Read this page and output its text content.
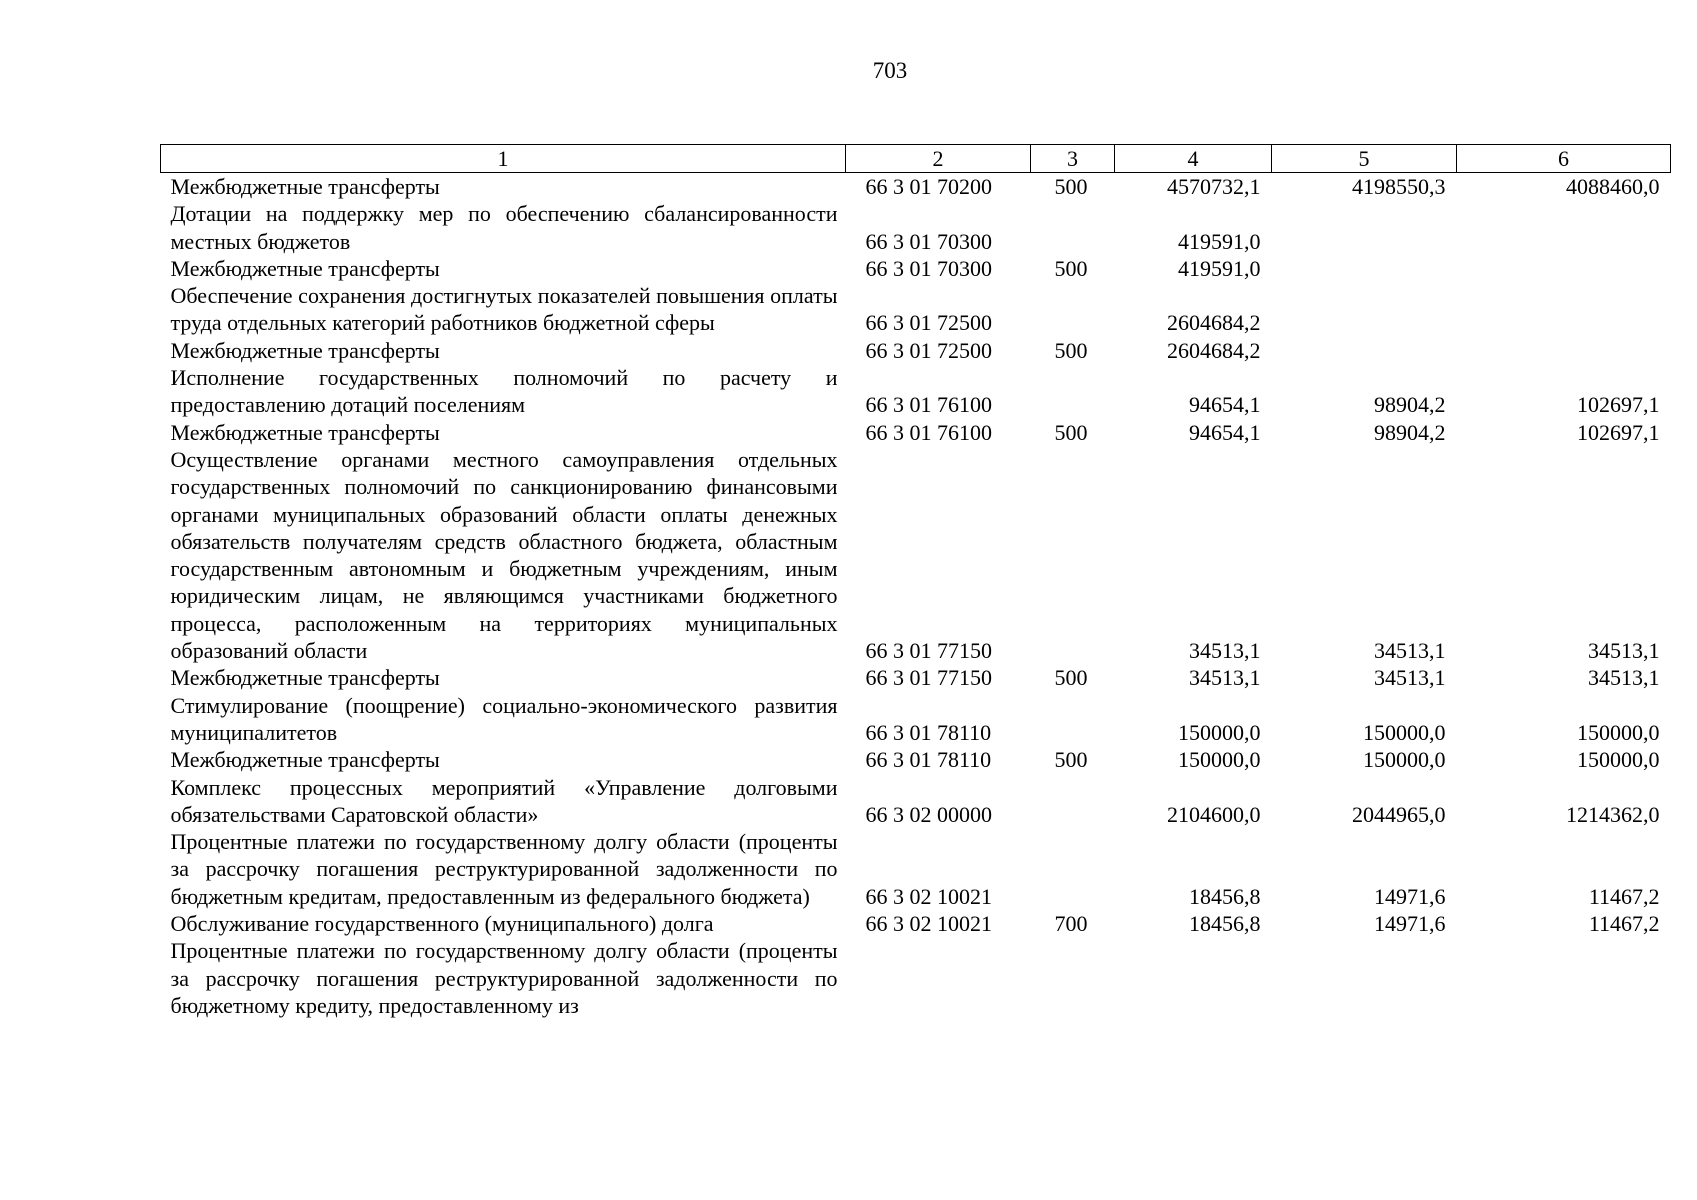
703
1	2	3	4	5	6
Межбюджетные трансферты	66 3 01 70200	500	4570732,1	4198550,3	4088460,0
Дотации на поддержку мер по обеспечению сбалансированности местных бюджетов	66 3 01 70300		419591,0		
Межбюджетные трансферты	66 3 01 70300	500	419591,0		
Обеспечение сохранения достигнутых показателей повышения оплаты труда отдельных категорий работников бюджетной сферы	66 3 01 72500		2604684,2		
Межбюджетные трансферты	66 3 01 72500	500	2604684,2		
Исполнение государственных полномочий по расчету и предоставлению дотаций поселениям	66 3 01 76100		94654,1	98904,2	102697,1
Межбюджетные трансферты	66 3 01 76100	500	94654,1	98904,2	102697,1
Осуществление органами местного самоуправления отдельных государственных полномочий по санкционированию финансовыми органами муниципальных образований области оплаты денежных обязательств получателям средств областного бюджета, областным государственным автономным и бюджетным учреждениям, иным юридическим лицам, не являющимся участниками бюджетного процесса, расположенным на территориях муниципальных образований области	66 3 01 77150		34513,1	34513,1	34513,1
Межбюджетные трансферты	66 3 01 77150	500	34513,1	34513,1	34513,1
Стимулирование (поощрение) социально-экономического развития муниципалитетов	66 3 01 78110		150000,0	150000,0	150000,0
Межбюджетные трансферты	66 3 01 78110	500	150000,0	150000,0	150000,0
Комплекс процессных мероприятий «Управление долговыми обязательствами Саратовской области»	66 3 02 00000		2104600,0	2044965,0	1214362,0
Процентные платежи по государственному долгу области (проценты за рассрочку погашения реструктурированной задолженности по бюджетным кредитам, предоставленным из федерального бюджета)	66 3 02 10021		18456,8	14971,6	11467,2
Обслуживание государственного (муниципального) долга	66 3 02 10021	700	18456,8	14971,6	11467,2
Процентные платежи по государственному долгу области (проценты за рассрочку погашения реструктурированной задолженности по бюджетному кредиту, предоставленному из					
